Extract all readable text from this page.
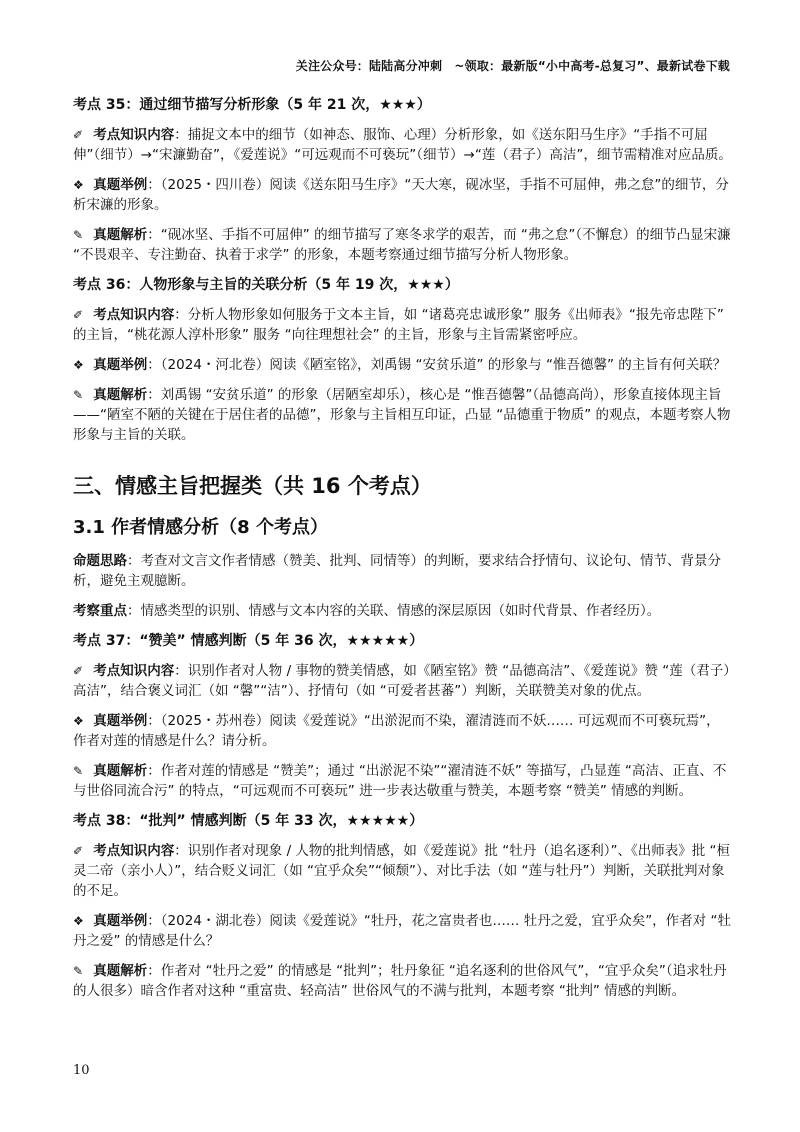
关注公众号：陆陆高分冲刺　~领取：最新版“小中高考-总复习”、最新试卷下载
考点 35：通过细节描写分析形象（5 年 21 次，★★★）
✐ 考点知识内容：捕捉文本中的细节（如神态、服饰、心理）分析形象，如《送东阳马生序》“手指不可屈伸”（细节）→“宋濂勤奋”，《爱莲说》“可远观而不可亵玩”（细节）→“莲（君子）高洁”，细节需精准对应品质。
❖ 真题举例：（2025・四川卷）阅读《送东阳马生序》“天大寒，砚冰坚，手指不可屈伸，弗之怠”的细节，分析宋濂的形象。
✎ 真题解析：“砚冰坚、手指不可屈伸” 的细节描写了寒冬求学的艰苦，而 “弗之怠”（不懈怠）的细节凸显宋濂 “不畏艰辛、专注勤奋、执着于求学” 的形象，本题考察通过细节描写分析人物形象。
考点 36：人物形象与主旨的关联分析（5 年 19 次，★★★）
✐ 考点知识内容：分析人物形象如何服务于文本主旨，如 “诸葛亮忠诚形象” 服务《出师表》“报先帝忠陛下” 的主旨，“桃花源人淳朴形象” 服务 “向往理想社会” 的主旨，形象与主旨需紧密呼应。
❖ 真题举例：（2024・河北卷）阅读《陋室铭》，刘禹锡 “安贫乐道” 的形象与 “惟吾德馨” 的主旨有何关联？
✎ 真题解析：刘禹锡 “安贫乐道” 的形象（居陋室却乐），核心是 “惟吾德馨”（品德高尚），形象直接体现主旨 ——“陋室不陋的关键在于居住者的品德”，形象与主旨相互印证，凸显 “品德重于物质” 的观点，本题考察人物形象与主旨的关联。
三、情感主旨把握类（共 16 个考点）
3.1 作者情感分析（8 个考点）
命题思路：考查对文言文作者情感（赞美、批判、同情等）的判断，要求结合抒情句、议论句、情节、背景分析，避免主观臆断。
考察重点：情感类型的识别、情感与文本内容的关联、情感的深层原因（如时代背景、作者经历）。
考点 37：“赞美” 情感判断（5 年 36 次，★★★★★）
✐ 考点知识内容：识别作者对人物 / 事物的赞美情感，如《陋室铭》赞 “品德高洁”、《爱莲说》赞 “莲（君子）高洁”，结合褒义词汇（如 “馨”“洁”）、抒情句（如 “可爱者甚蕃”）判断，关联赞美对象的优点。
❖ 真题举例：（2025・苏州卷）阅读《爱莲说》“出淤泥而不染，濯清涟而不妖…… 可远观而不可亵玩焉”，作者对莲的情感是什么？请分析。
✎ 真题解析：作者对莲的情感是 “赞美”；通过 “出淤泥不染”“濯清涟不妖” 等描写，凸显莲 “高洁、正直、不与世俗同流合污” 的特点，“可远观而不可亵玩” 进一步表达敬重与赞美，本题考察 “赞美” 情感的判断。
考点 38：“批判” 情感判断（5 年 33 次，★★★★★）
✐ 考点知识内容：识别作者对现象 / 人物的批判情感，如《爱莲说》批 “牡丹（追名逐利）”、《出师表》批 “桓灵二帝（亲小人）”，结合贬义词汇（如 “宜乎众矣”“倾颓”）、对比手法（如 “莲与牡丹”）判断，关联批判对象的不足。
❖ 真题举例：（2024・湖北卷）阅读《爱莲说》“牡丹，花之富贵者也…… 牡丹之爱，宜乎众矣”，作者对 “牡丹之爱” 的情感是什么？
✎ 真题解析：作者对 “牡丹之爱” 的情感是 “批判”；牡丹象征 “追名逐利的世俗风气”，“宜乎众矣”（追求牡丹的人很多）暗含作者对这种 “重富贵、轻高洁” 世俗风气的不满与批判，本题考察 “批判” 情感的判断。
10
